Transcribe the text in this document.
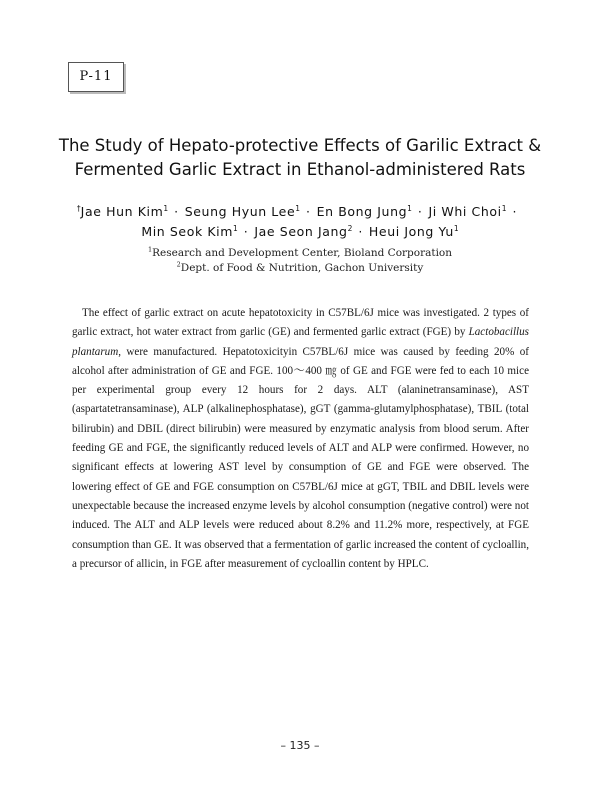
P-11
The Study of Hepato-protective Effects of Garilic Extract &
Fermented Garlic Extract in Ethanol-administered Rats
†Jae Hun Kim$^1$ · Seung Hyun Lee$^1$ · En Bong Jung$^1$ · Ji Whi Choi$^1$ ·
Min Seok Kim$^1$ · Jae Seon Jang$^2$ · Heui Jong Yu$^1$
$^1$Research and Development Center, Bioland Corporation
$^2$Dept. of Food & Nutrition, Gachon University
The effect of garlic extract on acute hepatotoxicity in C57BL/6J mice was investigated. 2 types of garlic extract, hot water extract from garlic (GE) and fermented garlic extract (FGE) by Lactobacillus plantarum, were manufactured. Hepatotoxicityin C57BL/6J mice was caused by feeding 20% of alcohol after administration of GE and FGE. 100～400 ㎎ of GE and FGE were fed to each 10 mice per experimental group every 12 hours for 2 days. ALT (alaninetransaminase), AST (aspartatetransaminase), ALP (alkalinephosphatase), gGT (gamma-glutamylphosphatase), TBIL (total bilirubin) and DBIL (direct bilirubin) were measured by enzymatic analysis from blood serum. After feeding GE and FGE, the significantly reduced levels of ALT and ALP were confirmed. However, no significant effects at lowering AST level by consumption of GE and FGE were observed. The lowering effect of GE and FGE consumption on C57BL/6J mice at gGT, TBIL and DBIL levels were unexpectable because the increased enzyme levels by alcohol consumption (negative control) were not induced. The ALT and ALP levels were reduced about 8.2% and 11.2% more, respectively, at FGE consumption than GE. It was observed that a fermentation of garlic increased the content of cycloallin, a precursor of allicin, in FGE after measurement of cycloallin content by HPLC.
– 135 –
